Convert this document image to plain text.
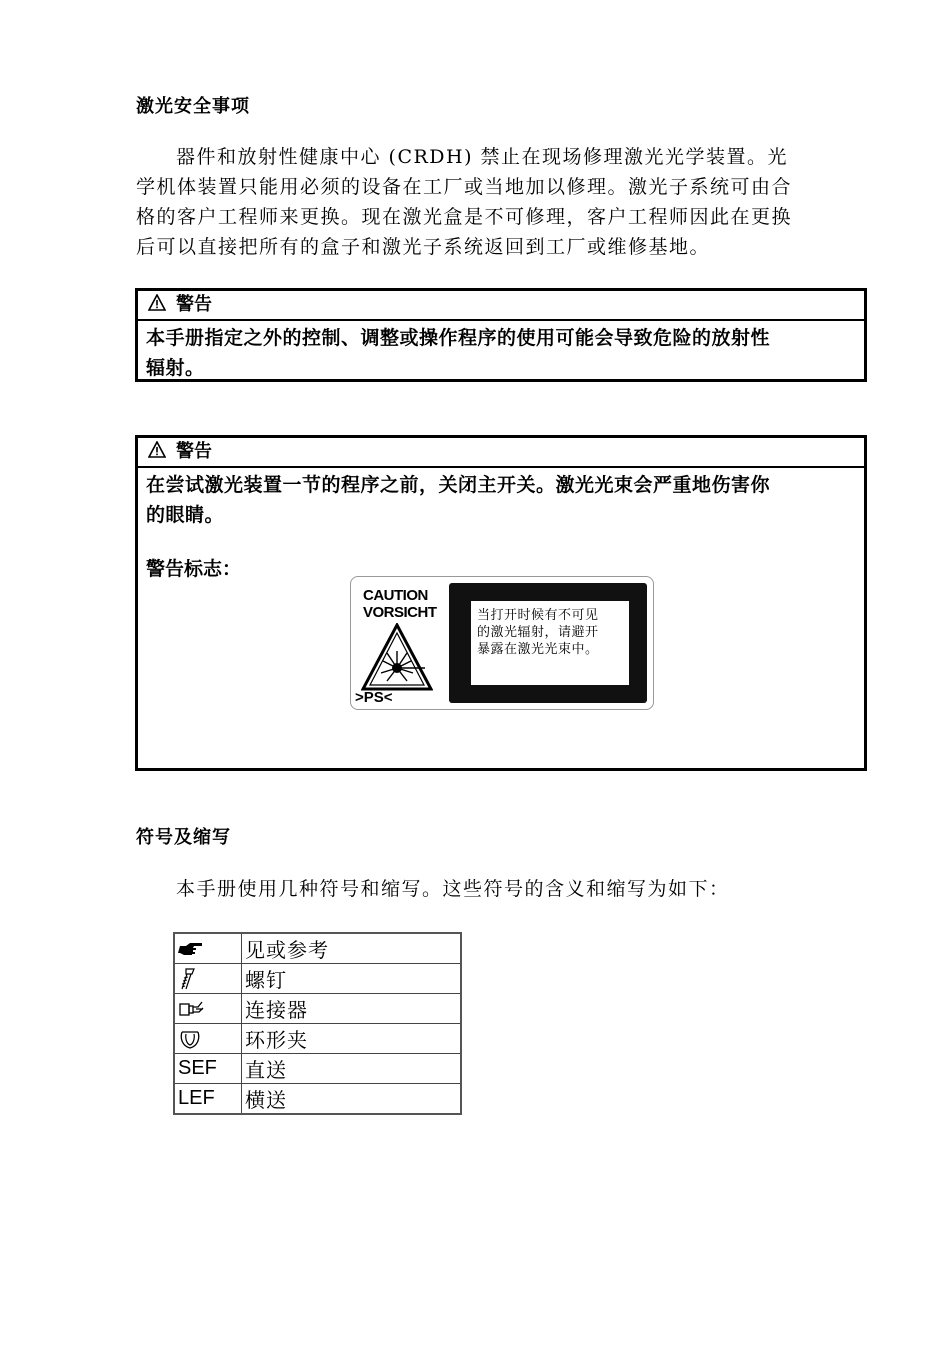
激光安全事项

器件和放射性健康中心 (CRDH) 禁止在现场修理激光光学装置。光

学机体装置只能用必须的设备在工厂或当地加以修理。激光子系统可由合

格的客户工程师来更换。现在激光盒是不可修理，客户工程师因此在更换

后可以直接把所有的盒子和激光子系统返回到工厂或维修基地。

警告

本手册指定之外的控制、调整或操作程序的使用可能会导致危险的放射性

辐射。

警告

在尝试激光装置一节的程序之前，关闭主开关。激光光束会严重地伤害你

的眼睛。

警告标志：

CAUTION
VORSICHT
>PS<

当打开时候有不可见

的激光辐射，请避开

暴露在激光光束中。

符号及缩写

本手册使用几种符号和缩写。这些符号的含义和缩写为如下：

	见或参考
	螺钉
	连接器
	环形夹
SEF	直送
LEF	横送
